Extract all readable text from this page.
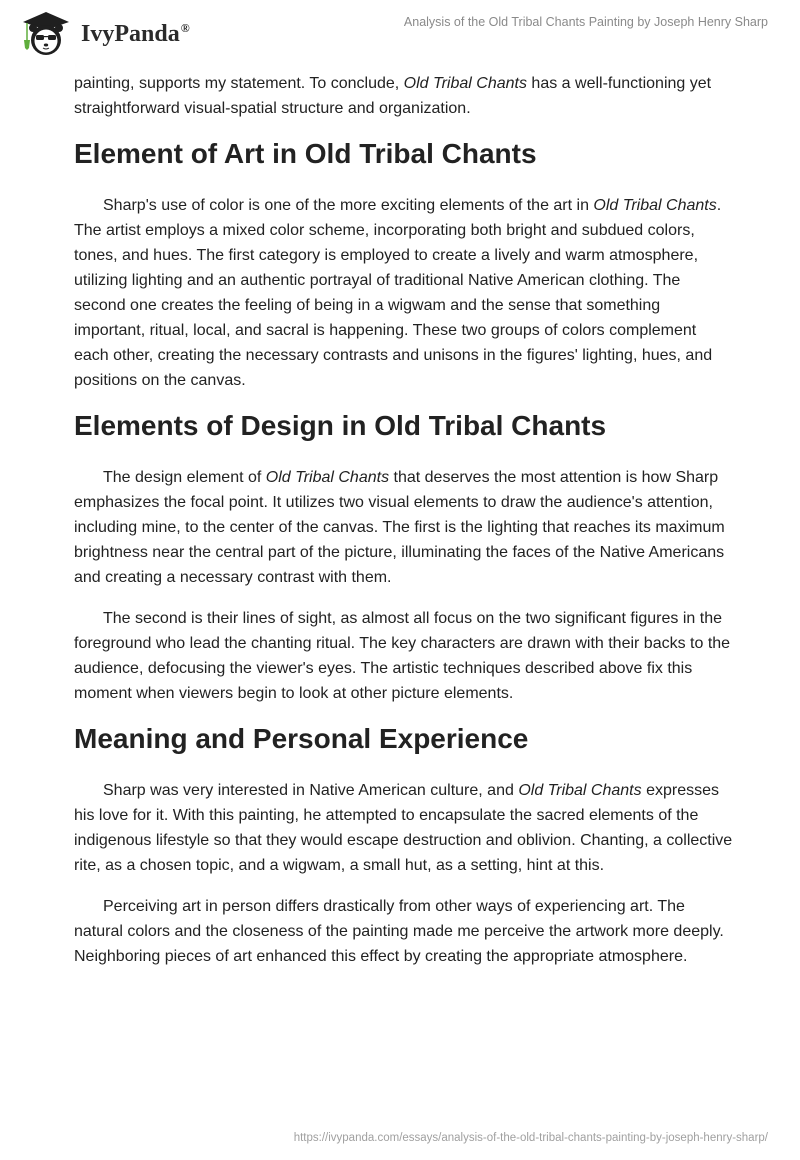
IvyPanda®	Analysis of the Old Tribal Chants Painting by Joseph Henry Sharp

painting, supports my statement. To conclude, Old Tribal Chants has a well-functioning yet straightforward visual-spatial structure and organization.

Element of Art in Old Tribal Chants

Sharp's use of color is one of the more exciting elements of the art in Old Tribal Chants. The artist employs a mixed color scheme, incorporating both bright and subdued colors, tones, and hues. The first category is employed to create a lively and warm atmosphere, utilizing lighting and an authentic portrayal of traditional Native American clothing. The second one creates the feeling of being in a wigwam and the sense that something important, ritual, local, and sacral is happening. These two groups of colors complement each other, creating the necessary contrasts and unisons in the figures' lighting, hues, and positions on the canvas.

Elements of Design in Old Tribal Chants

The design element of Old Tribal Chants that deserves the most attention is how Sharp emphasizes the focal point. It utilizes two visual elements to draw the audience's attention, including mine, to the center of the canvas. The first is the lighting that reaches its maximum brightness near the central part of the picture, illuminating the faces of the Native Americans and creating a necessary contrast with them.

The second is their lines of sight, as almost all focus on the two significant figures in the foreground who lead the chanting ritual. The key characters are drawn with their backs to the audience, defocusing the viewer's eyes. The artistic techniques described above fix this moment when viewers begin to look at other picture elements.

Meaning and Personal Experience

Sharp was very interested in Native American culture, and Old Tribal Chants expresses his love for it. With this painting, he attempted to encapsulate the sacred elements of the indigenous lifestyle so that they would escape destruction and oblivion. Chanting, a collective rite, as a chosen topic, and a wigwam, a small hut, as a setting, hint at this.

Perceiving art in person differs drastically from other ways of experiencing art. The natural colors and the closeness of the painting made me perceive the artwork more deeply. Neighboring pieces of art enhanced this effect by creating the appropriate atmosphere.

https://ivypanda.com/essays/analysis-of-the-old-tribal-chants-painting-by-joseph-henry-sharp/
